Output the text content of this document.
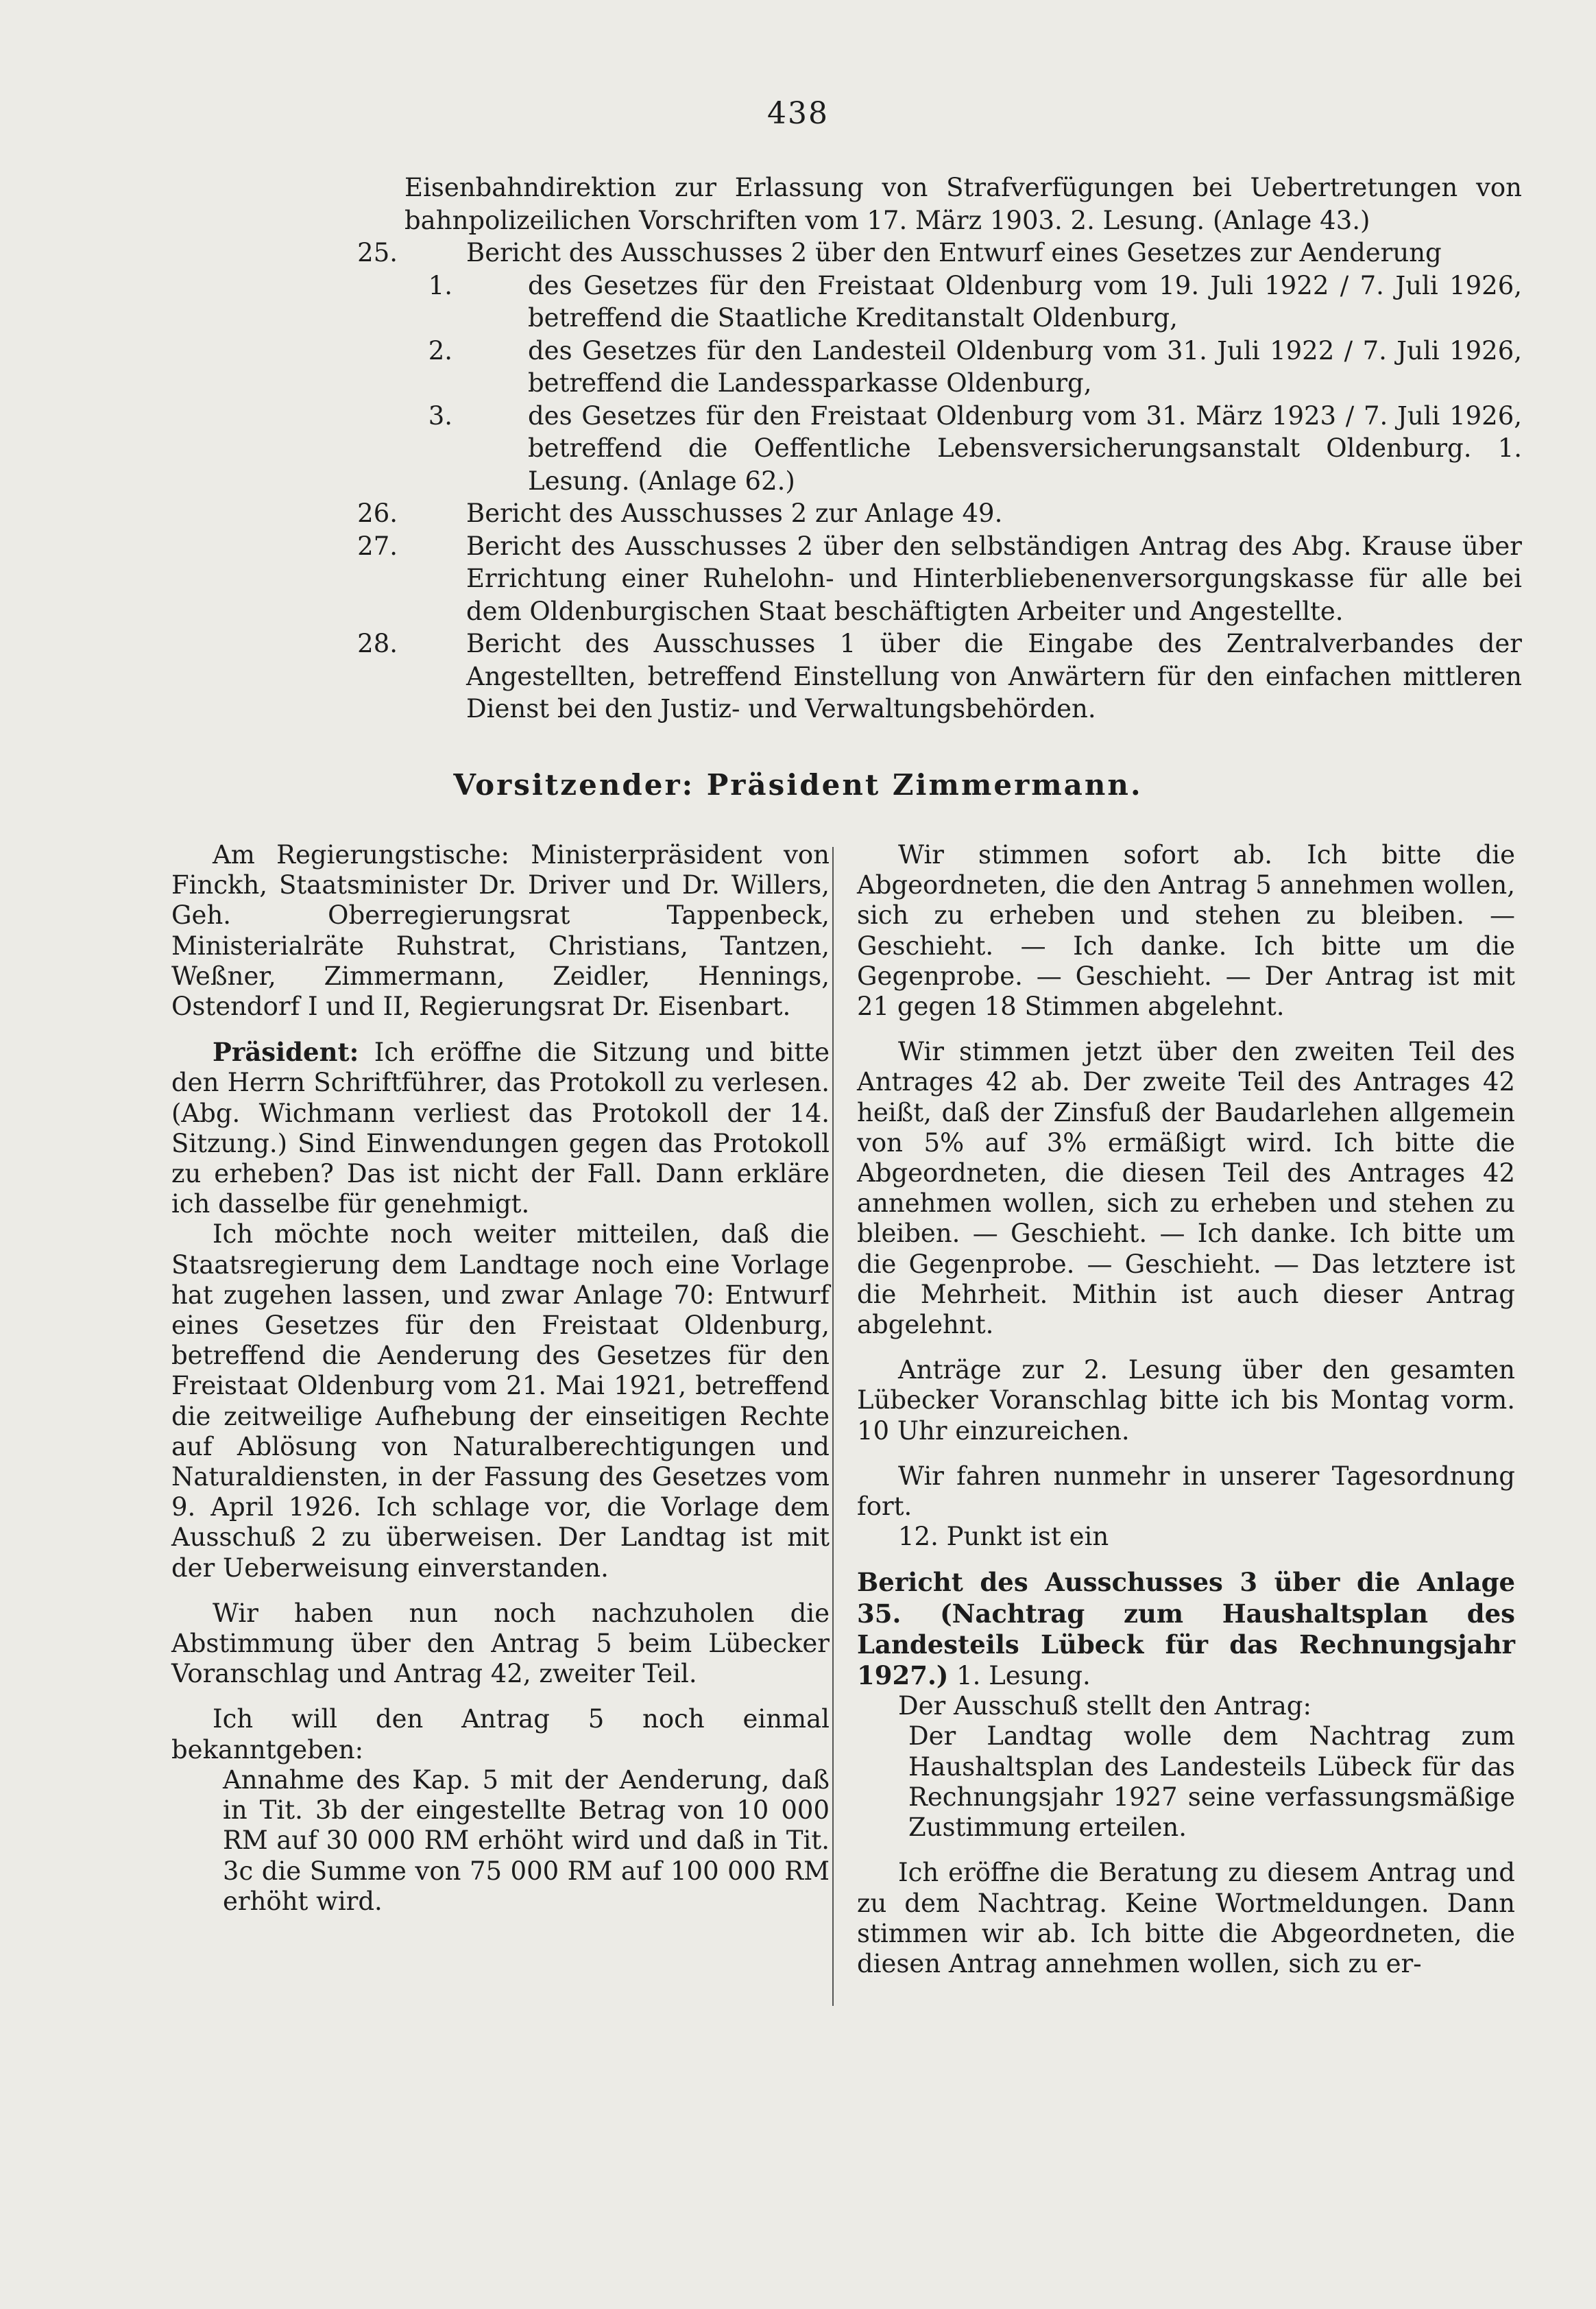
438

Eisenbahndirektion zur Erlassung von Strafverfügungen bei Uebertretungen von bahnpolizeilichen Vorschriften vom 17. März 1903. 2. Lesung. (Anlage 43.)

25.	Bericht des Ausschusses 2 über den Entwurf eines Gesetzes zur Aenderung

1.	des Gesetzes für den Freistaat Oldenburg vom 19. Juli 1922 / 7. Juli 1926, betreffend die Staatliche Kreditanstalt Oldenburg,

2.	des Gesetzes für den Landesteil Oldenburg vom 31. Juli 1922 / 7. Juli 1926, betreffend die Landessparkasse Oldenburg,

3.	des Gesetzes für den Freistaat Oldenburg vom 31. März 1923 / 7. Juli 1926, betreffend die Oeffentliche Lebensversicherungsanstalt Oldenburg. 1. Lesung. (Anlage 62.)

26.	Bericht des Ausschusses 2 zur Anlage 49.

27.	Bericht des Ausschusses 2 über den selbständigen Antrag des Abg. Krause über Errichtung einer Ruhelohn- und Hinterbliebenenversorgungskasse für alle bei dem Oldenburgischen Staat beschäftigten Arbeiter und Angestellte.

28.	Bericht des Ausschusses 1 über die Eingabe des Zentralverbandes der Angestellten, betreffend Einstellung von Anwärtern für den einfachen mittleren Dienst bei den Justiz- und Verwaltungsbehörden.

Vorsitzender: Präsident Zimmermann.

Am Regierungstische: Ministerpräsident von Finckh, Staatsminister Dr. Driver und Dr. Willers, Geh. Oberregierungsrat Tappenbeck, Ministerialräte Ruhstrat, Christians, Tantzen, Weßner, Zimmermann, Zeidler, Hennings, Ostendorf I und II, Regierungsrat Dr. Eisenbart.

Präsident: Ich eröffne die Sitzung und bitte den Herrn Schriftführer, das Protokoll zu verlesen. (Abg. Wichmann verliest das Protokoll der 14. Sitzung.) Sind Einwendungen gegen das Protokoll zu erheben? Das ist nicht der Fall. Dann erkläre ich dasselbe für genehmigt.

Ich möchte noch weiter mitteilen, daß die Staatsregierung dem Landtage noch eine Vorlage hat zugehen lassen, und zwar Anlage 70: Entwurf eines Gesetzes für den Freistaat Oldenburg, betreffend die Aenderung des Gesetzes für den Freistaat Oldenburg vom 21. Mai 1921, betreffend die zeitweilige Aufhebung der einseitigen Rechte auf Ablösung von Naturalberechtigungen und Naturaldiensten, in der Fassung des Gesetzes vom 9. April 1926. Ich schlage vor, die Vorlage dem Ausschuß 2 zu überweisen. Der Landtag ist mit der Ueberweisung einverstanden.

Wir haben nun noch nachzuholen die Abstimmung über den Antrag 5 beim Lübecker Voranschlag und Antrag 42, zweiter Teil.

Ich will den Antrag 5 noch einmal bekanntgeben:

Annahme des Kap. 5 mit der Aenderung, daß in Tit. 3b der eingestellte Betrag von 10 000 RM auf 30 000 RM erhöht wird und daß in Tit. 3c die Summe von 75 000 RM auf 100 000 RM erhöht wird.

Wir stimmen sofort ab. Ich bitte die Abgeordneten, die den Antrag 5 annehmen wollen, sich zu erheben und stehen zu bleiben. — Geschieht. — Ich danke. Ich bitte um die Gegenprobe. — Geschieht. — Der Antrag ist mit 21 gegen 18 Stimmen abgelehnt.

Wir stimmen jetzt über den zweiten Teil des Antrages 42 ab. Der zweite Teil des Antrages 42 heißt, daß der Zinsfuß der Baudarlehen allgemein von 5% auf 3% ermäßigt wird. Ich bitte die Abgeordneten, die diesen Teil des Antrages 42 annehmen wollen, sich zu erheben und stehen zu bleiben. — Geschieht. — Ich danke. Ich bitte um die Gegenprobe. — Geschieht. — Das letztere ist die Mehrheit. Mithin ist auch dieser Antrag abgelehnt.

Anträge zur 2. Lesung über den gesamten Lübecker Voranschlag bitte ich bis Montag vorm. 10 Uhr einzureichen.

Wir fahren nunmehr in unserer Tagesordnung fort.

12. Punkt ist ein

Bericht des Ausschusses 3 über die Anlage 35. (Nachtrag zum Haushaltsplan des Landesteils Lübeck für das Rechnungsjahr 1927.) 1. Lesung.

Der Ausschuß stellt den Antrag:

Der Landtag wolle dem Nachtrag zum Haushaltsplan des Landesteils Lübeck für das Rechnungsjahr 1927 seine verfassungsmäßige Zustimmung erteilen.

Ich eröffne die Beratung zu diesem Antrag und zu dem Nachtrag. Keine Wortmeldungen. Dann stimmen wir ab. Ich bitte die Abgeordneten, die diesen Antrag annehmen wollen, sich zu er-
